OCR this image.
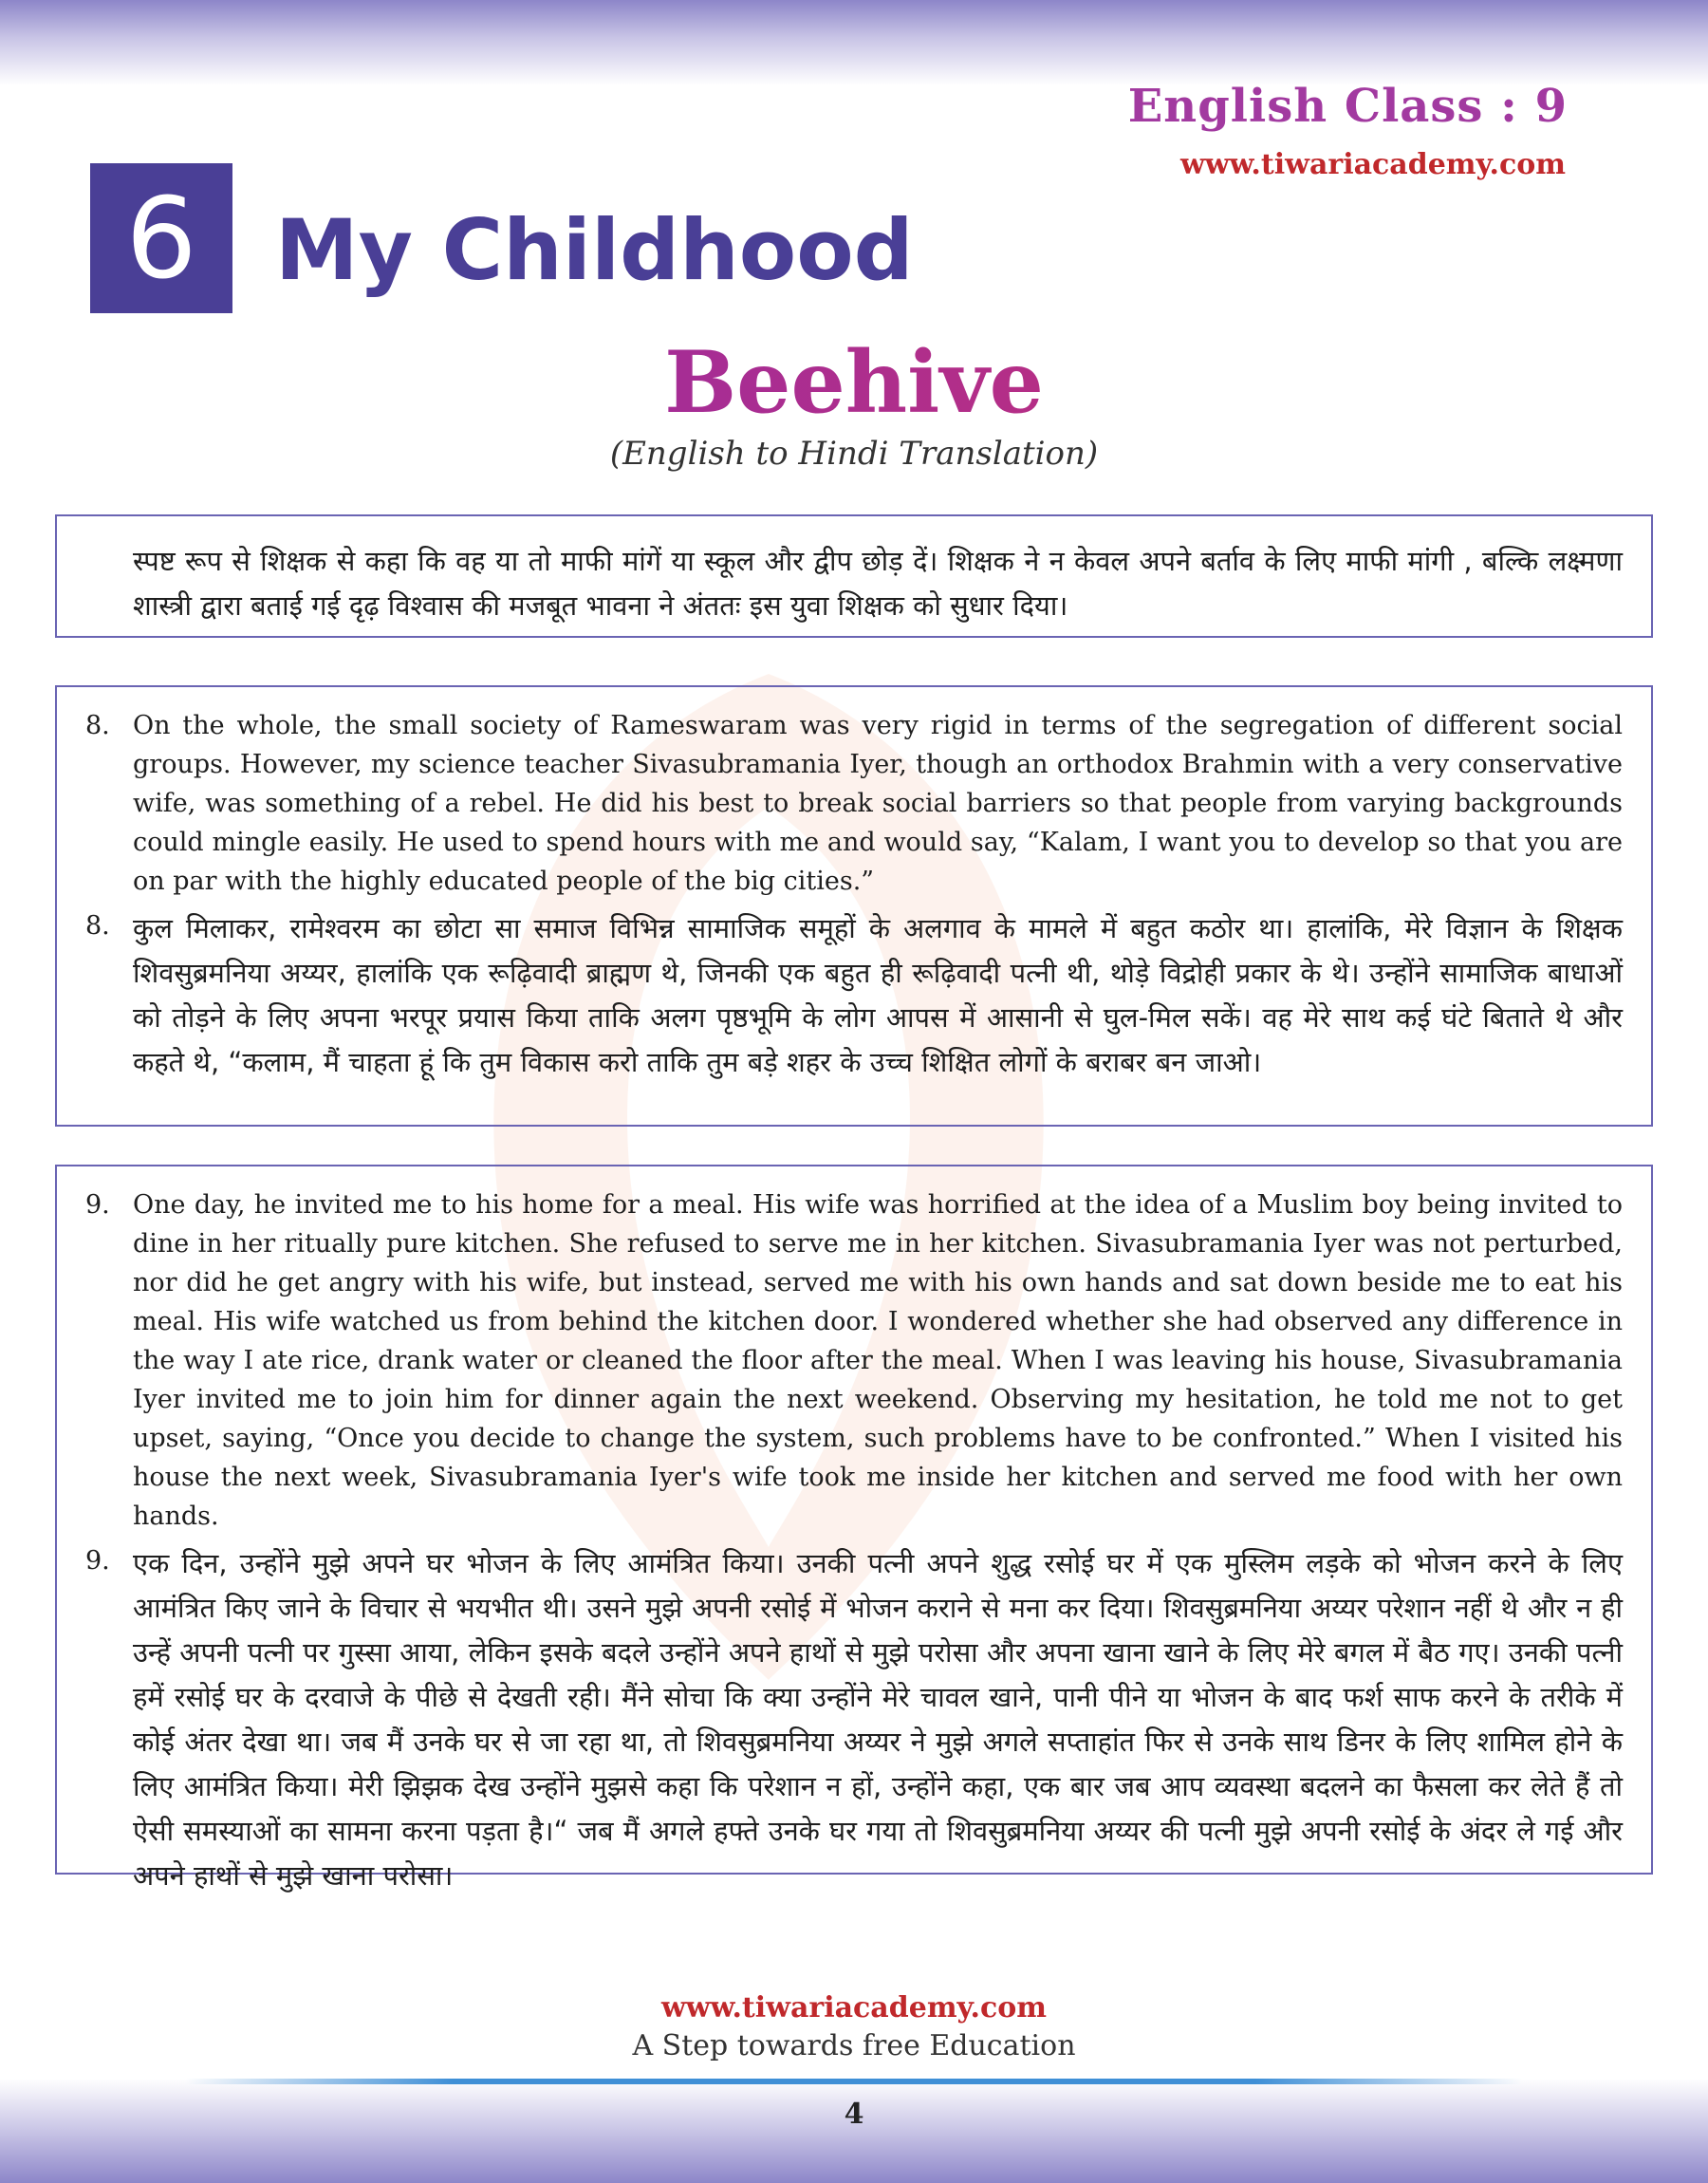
English Class : 9
www.tiwariacademy.com
6 My Childhood
Beehive
(English to Hindi Translation)
स्पष्ट रूप से शिक्षक से कहा कि वह या तो माफी मांगें या स्कूल और द्वीप छोड़ दें। शिक्षक ने न केवल अपने बर्ताव के लिए माफी मांगी , बल्कि लक्ष्मणा शास्त्री द्वारा बताई गई दृढ़ विश्वास की मजबूत भावना ने अंततः इस युवा शिक्षक को सुधार दिया।
8. On the whole, the small society of Rameswaram was very rigid in terms of the segregation of different social groups. However, my science teacher Sivasubramania Iyer, though an orthodox Brahmin with a very conservative wife, was something of a rebel. He did his best to break social barriers so that people from varying backgrounds could mingle easily. He used to spend hours with me and would say, “Kalam, I want you to develop so that you are on par with the highly educated people of the big cities.”
8. कुल मिलाकर, रामेश्वरम का छोटा सा समाज विभिन्न सामाजिक समूहों के अलगाव के मामले में बहुत कठोर था। हालांकि, मेरे विज्ञान के शिक्षक शिवसुब्रमनिया अय्यर, हालांकि एक रूढ़िवादी ब्राह्मण थे, जिनकी एक बहुत ही रूढ़िवादी पत्नी थी, थोड़े विद्रोही प्रकार के थे। उन्होंने सामाजिक बाधाओं को तोड़ने के लिए अपना भरपूर प्रयास किया ताकि अलग पृष्ठभूमि के लोग आपस में आसानी से घुल-मिल सकें। वह मेरे साथ कई घंटे बिताते थे और कहते थे, “कलाम, मैं चाहता हूं कि तुम विकास करो ताकि तुम बड़े शहर के उच्च शिक्षित लोगों के बराबर बन जाओ।
9. One day, he invited me to his home for a meal. His wife was horrified at the idea of a Muslim boy being invited to dine in her ritually pure kitchen. She refused to serve me in her kitchen. Sivasubramania Iyer was not perturbed, nor did he get angry with his wife, but instead, served me with his own hands and sat down beside me to eat his meal. His wife watched us from behind the kitchen door. I wondered whether she had observed any difference in the way I ate rice, drank water or cleaned the floor after the meal. When I was leaving his house, Sivasubramania Iyer invited me to join him for dinner again the next weekend. Observing my hesitation, he told me not to get upset, saying, “Once you decide to change the system, such problems have to be confronted.” When I visited his house the next week, Sivasubramania Iyer's wife took me inside her kitchen and served me food with her own hands.
9. एक दिन, उन्होंने मुझे अपने घर भोजन के लिए आमंत्रित किया। उनकी पत्नी अपने शुद्ध रसोई घर में एक मुस्लिम लड़के को भोजन करने के लिए आमंत्रित किए जाने के विचार से भयभीत थी। उसने मुझे अपनी रसोई में भोजन कराने से मना कर दिया। शिवसुब्रमनिया अय्यर परेशान नहीं थे और न ही उन्हें अपनी पत्नी पर गुस्सा आया, लेकिन इसके बदले उन्होंने अपने हाथों से मुझे परोसा और अपना खाना खाने के लिए मेरे बगल में बैठ गए। उनकी पत्नी हमें रसोई घर के दरवाजे के पीछे से देखती रही। मैंने सोचा कि क्या उन्होंने मेरे चावल खाने, पानी पीने या भोजन के बाद फर्श साफ करने के तरीके में कोई अंतर देखा था। जब मैं उनके घर से जा रहा था, तो शिवसुब्रमनिया अय्यर ने मुझे अगले सप्ताहांत फिर से उनके साथ डिनर के लिए शामिल होने के लिए आमंत्रित किया। मेरी झिझक देख उन्होंने मुझसे कहा कि परेशान न हों, उन्होंने कहा, एक बार जब आप व्यवस्था बदलने का फैसला कर लेते हैं तो ऐसी समस्याओं का सामना करना पड़ता है।“ जब मैं अगले हफ्ते उनके घर गया तो शिवसुब्रमनिया अय्यर की पत्नी मुझे अपनी रसोई के अंदर ले गई और अपने हाथों से मुझे खाना परोसा।
www.tiwariacademy.com
A Step towards free Education
4
